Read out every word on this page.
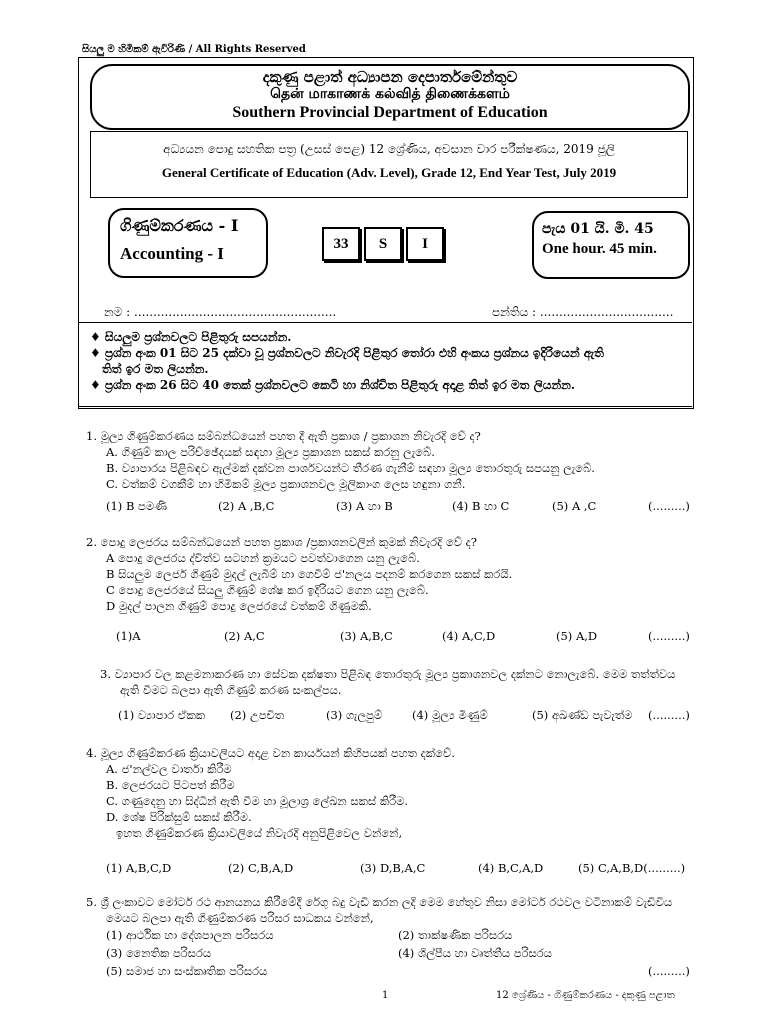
සියලු ම හිමිකම් ඇවිරිණි / All Rights Reserved
දකුණු පළාත් අධ්‍යාපන දෙපාර්තමේන්තුව
தென் மாகாணக் கல்வித் திணைக்களம்
Southern Provincial Department of Education
අධ්‍යයන පොදු සහතික පත්‍ර (උසස් පෙළ) 12 ශ්‍රේණිය, අවසාන වාර පරීක්ෂණය, 2019 ජූලි
General Certificate of Education (Adv. Level), Grade 12, End Year Test, July 2019
ගිණුම්කරණය - I
Accounting - I	33	S	I
පැය 01 යි. මි. 45
One hour. 45 min.
නම : .....................................................	පන්තිය : ...................................
♦ සියලුම ප්‍රශ්නවලට පිළිතුරු සපයන්න.
♦ ප්‍රශ්න අංක 01 සිට 25 දක්වා වූ ප්‍රශ්නවලට නිවැරදි පිළිතුර තෝරා එහි අංකය ප්‍රශ්නය ඉදිරියෙන් ඇති
තිත් ඉර මත ලියන්න.
♦ ප්‍රශ්න අංක 26 සිට 40 තෙක් ප්‍රශ්නවලට කෙටි හා නිශ්චිත පිළිතුරු අදාළ තිත් ඉර මත ලියන්න.
1. මූල්‍ය ගිණුම්කරණය සම්බන්ධයෙන් පහත දී ඇති ප්‍රකාශ / ප්‍රකාශන නිවැරදි වේ ද?
A. ගිණුම් කාල පරිච්ඡේදයක් සඳහා මූල්‍ය ප්‍රකාශන සකස් කරනු ලැබේ.
B. ව්‍යාපාරය පිළිබඳව ඇල්මක් දක්වන පාර්ශවයන්ට තීරණ ගැනීම් සඳහා මූල්‍ය තොරතුරු සපයනු ලැබේ.
C. වත්කම් වගකීම් හා හිමිකම් මූල්‍ය ප්‍රකාශනවල මූලිකාංග ලෙස හඳුනා ගනී.
(1) B පමණි	(2) A ,B,C	(3) A හා B	(4) B හා C	(5) A ,C	(.........)
2. පොදු ලෙජරය සම්බන්ධයෙන් පහත ප්‍රකාශ /ප්‍රකාශනවලින් කුමක් නිවැරදි වේ ද?
A පොදු ලෙජරය ද්විත්ව සටහන් ක්‍රමයට පවත්වාගෙන යනු ලැබේ.
B සියලුම ලෙජර් ගිණුම් මුදල් ලැබීම් හා ගෙවීම් ජ'නලය පදනම් කරගෙන සකස් කරයි.
C පොදු ලෙජරයේ සියලු ගිණුම් ශේෂ කර ඉදිරියට ගෙන යනු ලැබේ.
D මුදල් පාලන ගිණුම් පොදු ලෙජරයේ වත්කම් ගිණුමකි.
(1)A	(2) A,C	(3) A,B,C	(4) A,C,D	(5) A,D	(.........)
3. ව්‍යාපාර වල කළමනාකරණ හා සේවක දක්ෂතා පිළිබඳ තොරතුරු මූල්‍ය ප්‍රකාශනවල දක්නට නොලැබේ. මෙම තත්ත්වය
ඇති වීමට බලපා ඇති ගිණුම් කරණ සංකල්පය.
(1) ව්‍යාපාර ඒකක (2) උපචිත	(3) ගැලපුම්	(4) මූල්‍ය මිණුම්	(5) අඛණ්ඩ පැවැත්ම (.........)
4. මූල්‍ය ගිණුම්කරණ ක්‍රියාවලියට අදාළ වන කාර්යයන් කිහිපයක් පහත දක්වේ.
A. ජ'නල්වල වාර්තා කිරීම
B. ලෙජරයට පිටපත් කිරීම
C. ගණුදෙනු හා සිද්ධීන් ඇති වීම හා මූලාශ්‍ර ලේඛන සකස් කිරීම.
D. ශේෂ පිරික්සුම් සකස් කිරීම.
ඉහත ගිණුම්කරණ ක්‍රියාවලියේ නිවැරදි අනුපිළිවෙල වන්නේ,
(1) A,B,C,D	(2) C,B,A,D	(3) D,B,A,C	(4) B,C,A,D	(5) C,A,B,D(.........)
5. ශ්‍රී ලංකාවට මෝටර් රථ ආනයනය කිරීමේදී රේගු බදු වැඩි කරන ලදි මෙම හේතුව නිසා මෝටර් රථවල වටිනාකම් වැඩිවිය
මෙයට බලපා ඇති ගිණුම්කරණ පරිසර සාධකය වන්නේ,
(1) ආර්ථික හා දේශපාලන පරිසරය	(2) තාක්ෂණික පරිසරය
(3) නෛතික පරිසරය	(4) ශිල්පීය හා වෘත්තීය පරිසරය
(5) සමාජ හා සංස්කෘතික පරිසරය	(.........)
1	12 ශ්‍රේණිය - ගිණුම්කරණය - දකුණු පළාත
